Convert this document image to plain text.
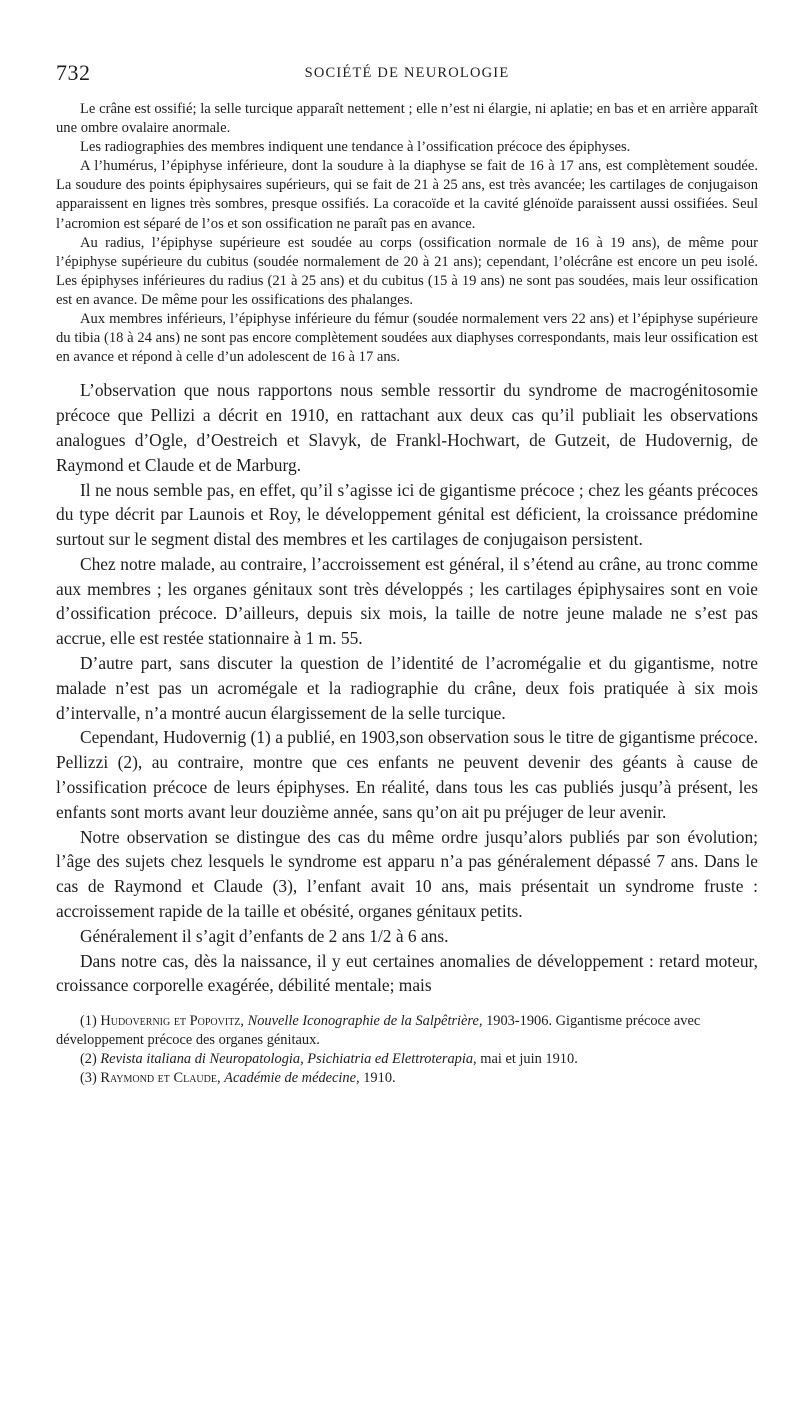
732	SOCIÉTÉ DE NEUROLOGIE

Le crâne est ossifié; la selle turcique apparaît nettement ; elle n’est ni élargie, ni aplatie; en bas et en arrière apparaît une ombre ovalaire anormale.

Les radiographies des membres indiquent une tendance à l’ossification précoce des épiphyses.

A l’humérus, l’épiphyse inférieure, dont la soudure à la diaphyse se fait de 16 à 17 ans, est complètement soudée. La soudure des points épiphysaires supérieurs, qui se fait de 21 à 25 ans, est très avancée; les cartilages de conjugaison apparaissent en lignes très sombres, presque ossifiés. La coracoïde et la cavité glénoïde paraissent aussi ossifiées. Seul l’acromion est séparé de l’os et son ossification ne paraît pas en avance.

Au radius, l’épiphyse supérieure est soudée au corps (ossification normale de 16 à 19 ans), de même pour l’épiphyse supérieure du cubitus (soudée normalement de 20 à 21 ans); cependant, l’olécrâne est encore un peu isolé. Les épiphyses inférieures du radius (21 à 25 ans) et du cubitus (15 à 19 ans) ne sont pas soudées, mais leur ossification est en avance. De même pour les ossifications des phalanges.

Aux membres inférieurs, l’épiphyse inférieure du fémur (soudée normalement vers 22 ans) et l’épiphyse supérieure du tibia (18 à 24 ans) ne sont pas encore complètement soudées aux diaphyses correspondants, mais leur ossification est en avance et répond à celle d’un adolescent de 16 à 17 ans.

L’observation que nous rapportons nous semble ressortir du syndrome de macrogénitosomie précoce que Pellizi a décrit en 1910, en rattachant aux deux cas qu’il publiait les observations analogues d’Ogle, d’Oestreich et Slavyk, de Frankl-Hochwart, de Gutzeit, de Hudovernig, de Raymond et Claude et de Marburg.

Il ne nous semble pas, en effet, qu’il s’agisse ici de gigantisme précoce ; chez les géants précoces du type décrit par Launois et Roy, le développement génital est déficient, la croissance prédomine surtout sur le segment distal des membres et les cartilages de conjugaison persistent.

Chez notre malade, au contraire, l’accroissement est général, il s’étend au crâne, au tronc comme aux membres ; les organes génitaux sont très développés ; les cartilages épiphysaires sont en voie d’ossification précoce. D’ailleurs, depuis six mois, la taille de notre jeune malade ne s’est pas accrue, elle est restée stationnaire à 1 m. 55.

D’autre part, sans discuter la question de l’identité de l’acromégalie et du gigantisme, notre malade n’est pas un acromégale et la radiographie du crâne, deux fois pratiquée à six mois d’intervalle, n’a montré aucun élargissement de la selle turcique.

Cependant, Hudovernig (1) a publié, en 1903,son observation sous le titre de gigantisme précoce. Pellizzi (2), au contraire, montre que ces enfants ne peuvent devenir des géants à cause de l’ossification précoce de leurs épiphyses. En réalité, dans tous les cas publiés jusqu’à présent, les enfants sont morts avant leur douzième année, sans qu’on ait pu préjuger de leur avenir.

Notre observation se distingue des cas du même ordre jusqu’alors publiés par son évolution; l’âge des sujets chez lesquels le syndrome est apparu n’a pas généralement dépassé 7 ans. Dans le cas de Raymond et Claude (3), l’enfant avait 10 ans, mais présentait un syndrome fruste : accroissement rapide de la taille et obésité, organes génitaux petits.

Généralement il s’agit d’enfants de 2 ans 1/2 à 6 ans.

Dans notre cas, dès la naissance, il y eut certaines anomalies de développement : retard moteur, croissance corporelle exagérée, débilité mentale; mais

(1) Hudovernig et Popovitz, Nouvelle Iconographie de la Salpêtrière, 1903-1906. Gigantisme précoce avec développement précoce des organes génitaux.

(2) Revista italiana di Neuropatologia, Psichiatria ed Elettroterapia, mai et juin 1910.

(3) Raymond et Claude, Académie de médecine, 1910.
